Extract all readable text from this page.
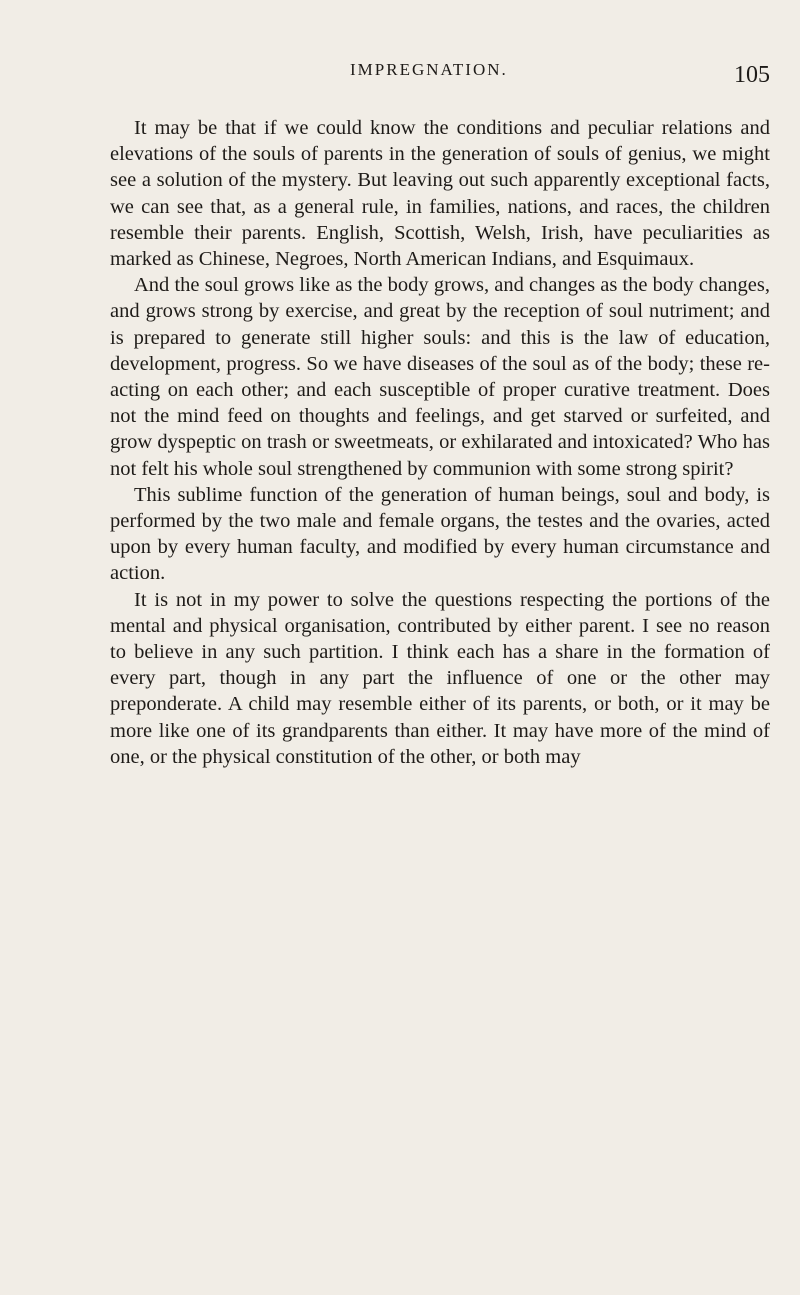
IMPREGNATION.	105

It may be that if we could know the conditions and peculiar relations and elevations of the souls of parents in the generation of souls of genius, we might see a solution of the mystery. But leaving out such apparently exceptional facts, we can see that, as a general rule, in families, nations, and races, the children resemble their parents. English, Scottish, Welsh, Irish, have peculiarities as marked as Chinese, Negroes, North American Indians, and Esquimaux.

And the soul grows like as the body grows, and changes as the body changes, and grows strong by exercise, and great by the reception of soul nutriment; and is prepared to generate still higher souls: and this is the law of education, development, progress. So we have diseases of the soul as of the body; these re-acting on each other; and each susceptible of proper curative treatment. Does not the mind feed on thoughts and feelings, and get starved or surfeited, and grow dyspeptic on trash or sweetmeats, or exhilarated and intoxicated? Who has not felt his whole soul strengthened by communion with some strong spirit?

This sublime function of the generation of human beings, soul and body, is performed by the two male and female organs, the testes and the ovaries, acted upon by every human faculty, and modified by every human circumstance and action.

It is not in my power to solve the questions respecting the portions of the mental and physical organisation, contributed by either parent. I see no reason to believe in any such partition. I think each has a share in the formation of every part, though in any part the influence of one or the other may preponderate. A child may resemble either of its parents, or both, or it may be more like one of its grandparents than either. It may have more of the mind of one, or the physical constitution of the other, or both may
